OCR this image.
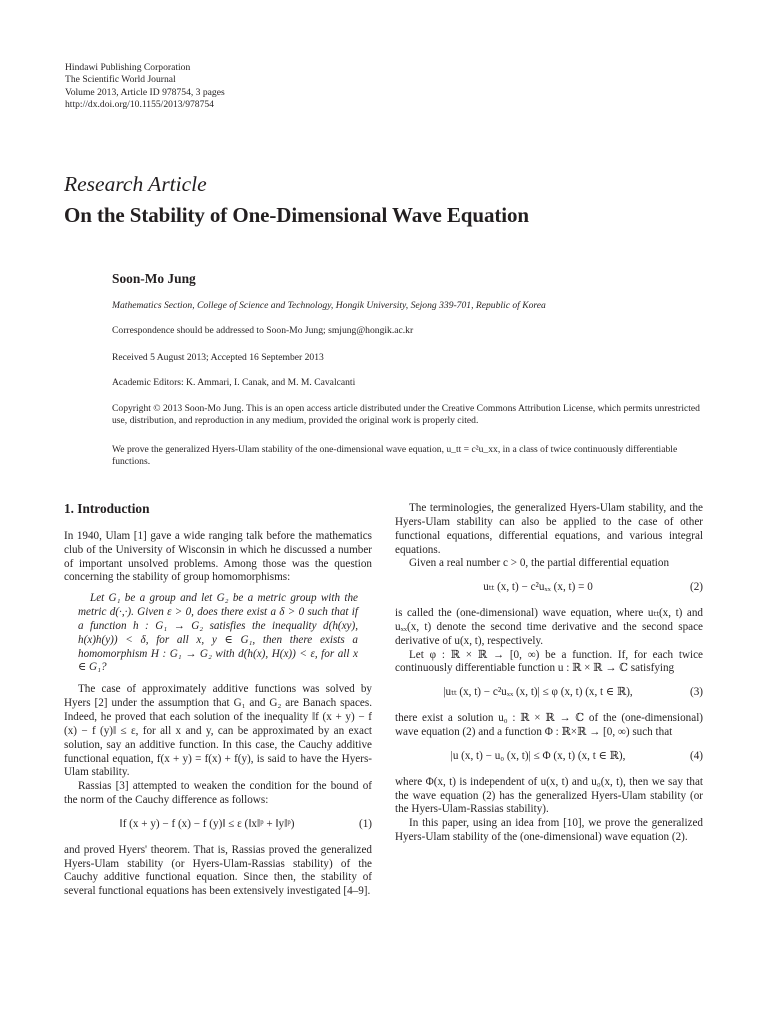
Hindawi Publishing Corporation
The Scientific World Journal
Volume 2013, Article ID 978754, 3 pages
http://dx.doi.org/10.1155/2013/978754
Research Article
On the Stability of One-Dimensional Wave Equation
Soon-Mo Jung
Mathematics Section, College of Science and Technology, Hongik University, Sejong 339-701, Republic of Korea
Correspondence should be addressed to Soon-Mo Jung; smjung@hongik.ac.kr
Received 5 August 2013; Accepted 16 September 2013
Academic Editors: K. Ammari, I. Canak, and M. M. Cavalcanti
Copyright © 2013 Soon-Mo Jung. This is an open access article distributed under the Creative Commons Attribution License, which permits unrestricted use, distribution, and reproduction in any medium, provided the original work is properly cited.
We prove the generalized Hyers-Ulam stability of the one-dimensional wave equation, u_tt = c²u_xx, in a class of twice continuously differentiable functions.
1. Introduction

In 1940, Ulam [1] gave a wide ranging talk before the mathematics club of the University of Wisconsin in which he discussed a number of important unsolved problems. Among those was the question concerning the stability of group homomorphisms:

Let G₁ be a group and let G₂ be a metric group with the metric d(·,·). Given ε > 0, does there exist a δ > 0 such that if a function h : G₁ → G₂ satisfies the inequality d(h(xy), h(x)h(y)) < δ, for all x, y ∈ G₁, then there exists a homomorphism H : G₁ → G₂ with d(h(x), H(x)) < ε, for all x ∈ G₁?

The case of approximately additive functions was solved by Hyers [2] under the assumption that G₁ and G₂ are Banach spaces. Indeed, he proved that each solution of the inequality ‖f (x + y) − f (x) − f (y)‖ ≤ ε, for all x and y, can be approximated by an exact solution, say an additive function. In this case, the Cauchy additive functional equation, f(x + y) = f(x) + f(y), is said to have the Hyers-Ulam stability.

Rassias [3] attempted to weaken the condition for the bound of the norm of the Cauchy difference as follows:

‖f (x + y) − f (x) − f (y)‖ ≤ ε (‖x‖ᵖ + ‖y‖ᵖ)	(1)

and proved Hyers' theorem. That is, Rassias proved the generalized Hyers-Ulam stability (or Hyers-Ulam-Rassias stability) of the Cauchy additive functional equation. Since then, the stability of several functional equations has been extensively investigated [4–9].

The terminologies, the generalized Hyers-Ulam stability, and the Hyers-Ulam stability can also be applied to the case of other functional equations, differential equations, and various integral equations.

Given a real number c > 0, the partial differential equation

uₜₜ (x, t) − c²uₓₓ (x, t) = 0	(2)

is called the (one-dimensional) wave equation, where uₜₜ(x, t) and uₓₓ(x, t) denote the second time derivative and the second space derivative of u(x, t), respectively.

Let φ : ℝ × ℝ → [0, ∞) be a function. If, for each twice continuously differentiable function u : ℝ × ℝ → ℂ satisfying

|uₜₜ (x, t) − c²uₓₓ (x, t)| ≤ φ (x, t) (x, t ∈ ℝ),	(3)

there exist a solution u₀ : ℝ × ℝ → ℂ of the (one-dimensional) wave equation (2) and a function Φ : ℝ×ℝ → [0, ∞) such that

|u (x, t) − u₀ (x, t)| ≤ Φ (x, t) (x, t ∈ ℝ),	(4)

where Φ(x, t) is independent of u(x, t) and u₀(x, t), then we say that the wave equation (2) has the generalized Hyers-Ulam stability (or the Hyers-Ulam-Rassias stability).

In this paper, using an idea from [10], we prove the generalized Hyers-Ulam stability of the (one-dimensional) wave equation (2).
